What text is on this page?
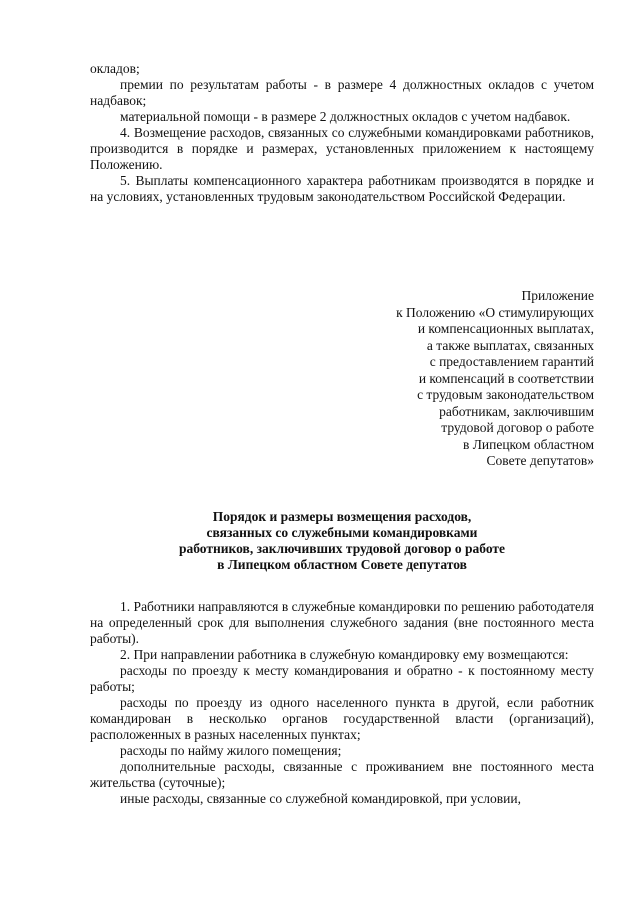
окладов;

премии по результатам работы - в размере 4 должностных окладов с учетом надбавок;

материальной помощи - в размере 2 должностных окладов с учетом надбавок.

4. Возмещение расходов, связанных со служебными командировками работников, производится в порядке и размерах, установленных приложением к настоящему Положению.

5. Выплаты компенсационного характера работникам производятся в порядке и на условиях, установленных трудовым законодательством Российской Федерации.

Приложение
к Положению «О стимулирующих
и компенсационных выплатах,
а также выплатах, связанных
с предоставлением гарантий
и компенсаций в соответствии
с трудовым законодательством
работникам, заключившим
трудовой договор о работе
в Липецком областном
Совете депутатов»
Порядок и размеры возмещения расходов,
связанных со служебными командировками
работников, заключивших трудовой договор о работе
в Липецком областном Совете депутатов

1. Работники направляются в служебные командировки по решению работодателя на определенный срок для выполнения служебного задания (вне постоянного места работы).

2. При направлении работника в служебную командировку ему возмещаются:

расходы по проезду к месту командирования и обратно - к постоянному месту работы;

расходы по проезду из одного населенного пункта в другой, если работник командирован в несколько органов государственной власти (организаций), расположенных в разных населенных пунктах;

расходы по найму жилого помещения;

дополнительные расходы, связанные с проживанием вне постоянного места жительства (суточные);

иные расходы, связанные со служебной командировкой, при условии,
